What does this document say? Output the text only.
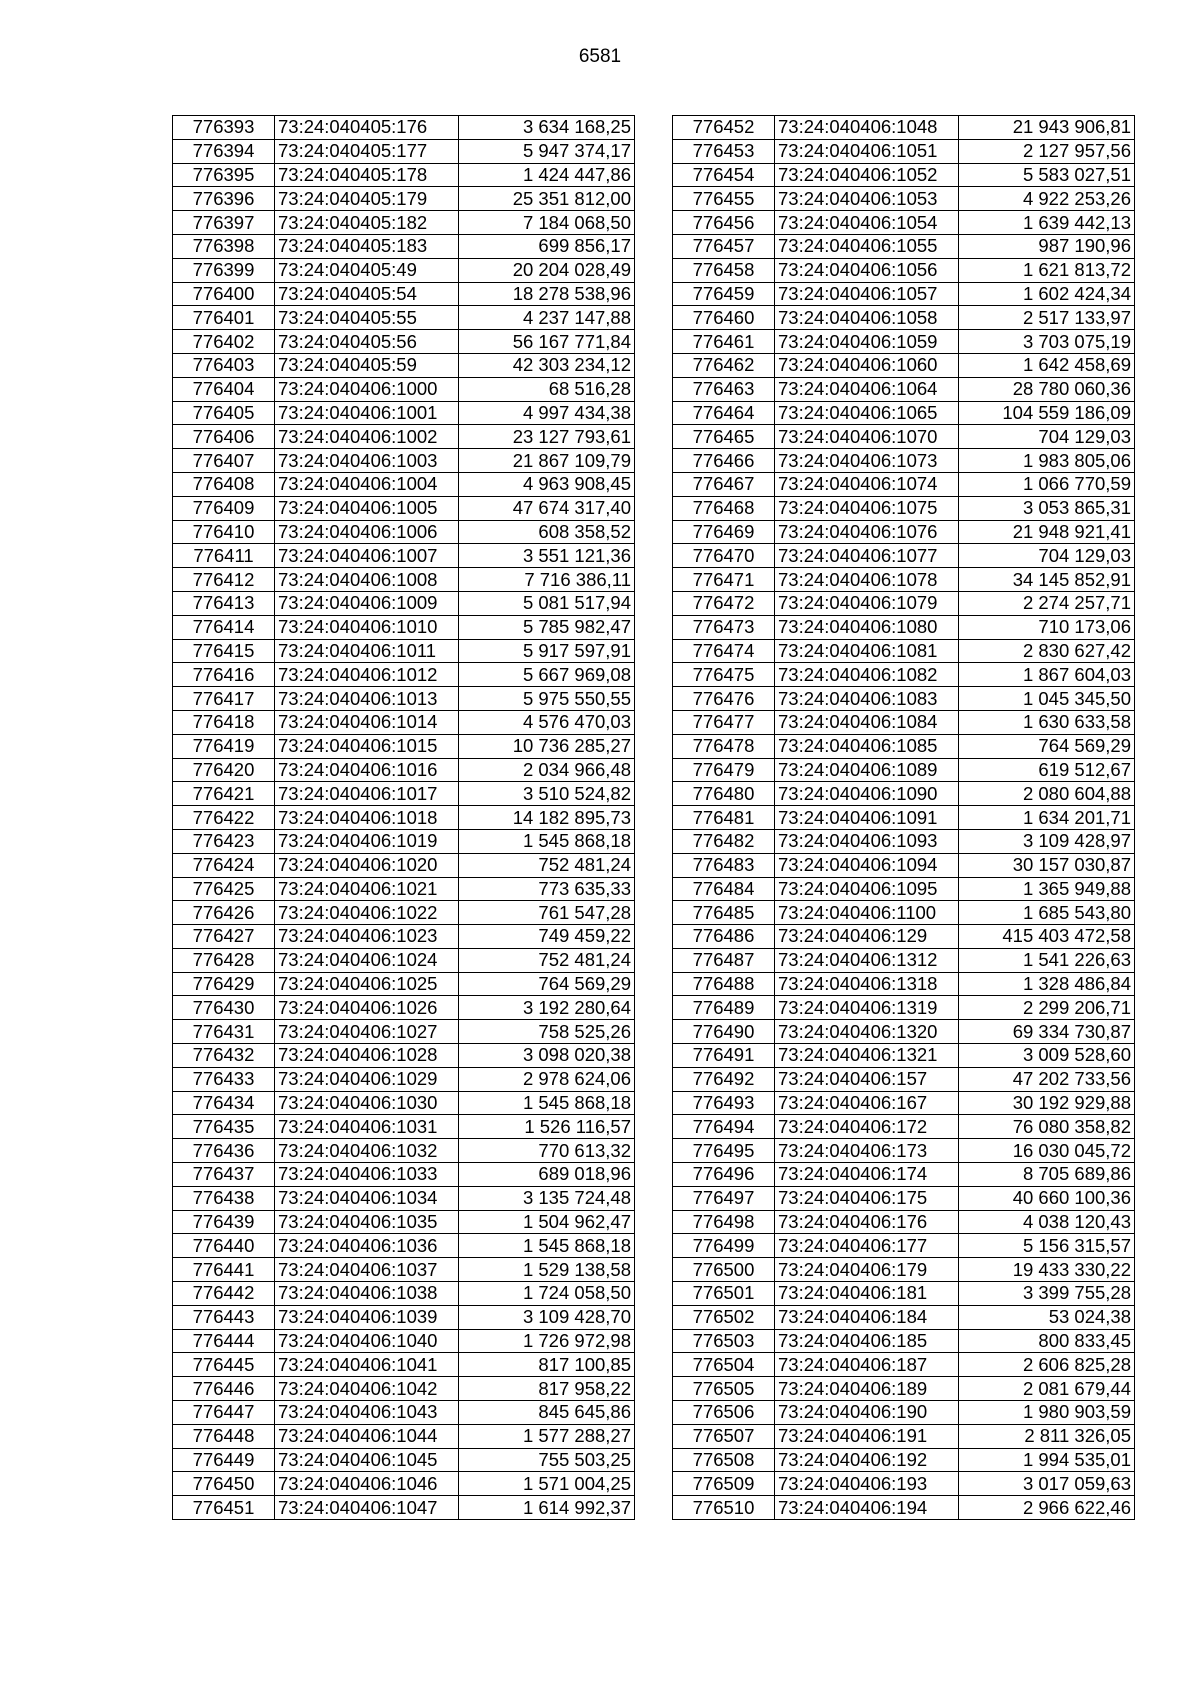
6581
776393	73:24:040405:176	3 634 168,25
776394	73:24:040405:177	5 947 374,17
776395	73:24:040405:178	1 424 447,86
776396	73:24:040405:179	25 351 812,00
776397	73:24:040405:182	7 184 068,50
776398	73:24:040405:183	699 856,17
776399	73:24:040405:49	20 204 028,49
776400	73:24:040405:54	18 278 538,96
776401	73:24:040405:55	4 237 147,88
776402	73:24:040405:56	56 167 771,84
776403	73:24:040405:59	42 303 234,12
776404	73:24:040406:1000	68 516,28
776405	73:24:040406:1001	4 997 434,38
776406	73:24:040406:1002	23 127 793,61
776407	73:24:040406:1003	21 867 109,79
776408	73:24:040406:1004	4 963 908,45
776409	73:24:040406:1005	47 674 317,40
776410	73:24:040406:1006	608 358,52
776411	73:24:040406:1007	3 551 121,36
776412	73:24:040406:1008	7 716 386,11
776413	73:24:040406:1009	5 081 517,94
776414	73:24:040406:1010	5 785 982,47
776415	73:24:040406:1011	5 917 597,91
776416	73:24:040406:1012	5 667 969,08
776417	73:24:040406:1013	5 975 550,55
776418	73:24:040406:1014	4 576 470,03
776419	73:24:040406:1015	10 736 285,27
776420	73:24:040406:1016	2 034 966,48
776421	73:24:040406:1017	3 510 524,82
776422	73:24:040406:1018	14 182 895,73
776423	73:24:040406:1019	1 545 868,18
776424	73:24:040406:1020	752 481,24
776425	73:24:040406:1021	773 635,33
776426	73:24:040406:1022	761 547,28
776427	73:24:040406:1023	749 459,22
776428	73:24:040406:1024	752 481,24
776429	73:24:040406:1025	764 569,29
776430	73:24:040406:1026	3 192 280,64
776431	73:24:040406:1027	758 525,26
776432	73:24:040406:1028	3 098 020,38
776433	73:24:040406:1029	2 978 624,06
776434	73:24:040406:1030	1 545 868,18
776435	73:24:040406:1031	1 526 116,57
776436	73:24:040406:1032	770 613,32
776437	73:24:040406:1033	689 018,96
776438	73:24:040406:1034	3 135 724,48
776439	73:24:040406:1035	1 504 962,47
776440	73:24:040406:1036	1 545 868,18
776441	73:24:040406:1037	1 529 138,58
776442	73:24:040406:1038	1 724 058,50
776443	73:24:040406:1039	3 109 428,70
776444	73:24:040406:1040	1 726 972,98
776445	73:24:040406:1041	817 100,85
776446	73:24:040406:1042	817 958,22
776447	73:24:040406:1043	845 645,86
776448	73:24:040406:1044	1 577 288,27
776449	73:24:040406:1045	755 503,25
776450	73:24:040406:1046	1 571 004,25
776451	73:24:040406:1047	1 614 992,37
776452	73:24:040406:1048	21 943 906,81
776453	73:24:040406:1051	2 127 957,56
776454	73:24:040406:1052	5 583 027,51
776455	73:24:040406:1053	4 922 253,26
776456	73:24:040406:1054	1 639 442,13
776457	73:24:040406:1055	987 190,96
776458	73:24:040406:1056	1 621 813,72
776459	73:24:040406:1057	1 602 424,34
776460	73:24:040406:1058	2 517 133,97
776461	73:24:040406:1059	3 703 075,19
776462	73:24:040406:1060	1 642 458,69
776463	73:24:040406:1064	28 780 060,36
776464	73:24:040406:1065	104 559 186,09
776465	73:24:040406:1070	704 129,03
776466	73:24:040406:1073	1 983 805,06
776467	73:24:040406:1074	1 066 770,59
776468	73:24:040406:1075	3 053 865,31
776469	73:24:040406:1076	21 948 921,41
776470	73:24:040406:1077	704 129,03
776471	73:24:040406:1078	34 145 852,91
776472	73:24:040406:1079	2 274 257,71
776473	73:24:040406:1080	710 173,06
776474	73:24:040406:1081	2 830 627,42
776475	73:24:040406:1082	1 867 604,03
776476	73:24:040406:1083	1 045 345,50
776477	73:24:040406:1084	1 630 633,58
776478	73:24:040406:1085	764 569,29
776479	73:24:040406:1089	619 512,67
776480	73:24:040406:1090	2 080 604,88
776481	73:24:040406:1091	1 634 201,71
776482	73:24:040406:1093	3 109 428,97
776483	73:24:040406:1094	30 157 030,87
776484	73:24:040406:1095	1 365 949,88
776485	73:24:040406:1100	1 685 543,80
776486	73:24:040406:129	415 403 472,58
776487	73:24:040406:1312	1 541 226,63
776488	73:24:040406:1318	1 328 486,84
776489	73:24:040406:1319	2 299 206,71
776490	73:24:040406:1320	69 334 730,87
776491	73:24:040406:1321	3 009 528,60
776492	73:24:040406:157	47 202 733,56
776493	73:24:040406:167	30 192 929,88
776494	73:24:040406:172	76 080 358,82
776495	73:24:040406:173	16 030 045,72
776496	73:24:040406:174	8 705 689,86
776497	73:24:040406:175	40 660 100,36
776498	73:24:040406:176	4 038 120,43
776499	73:24:040406:177	5 156 315,57
776500	73:24:040406:179	19 433 330,22
776501	73:24:040406:181	3 399 755,28
776502	73:24:040406:184	53 024,38
776503	73:24:040406:185	800 833,45
776504	73:24:040406:187	2 606 825,28
776505	73:24:040406:189	2 081 679,44
776506	73:24:040406:190	1 980 903,59
776507	73:24:040406:191	2 811 326,05
776508	73:24:040406:192	1 994 535,01
776509	73:24:040406:193	3 017 059,63
776510	73:24:040406:194	2 966 622,46
